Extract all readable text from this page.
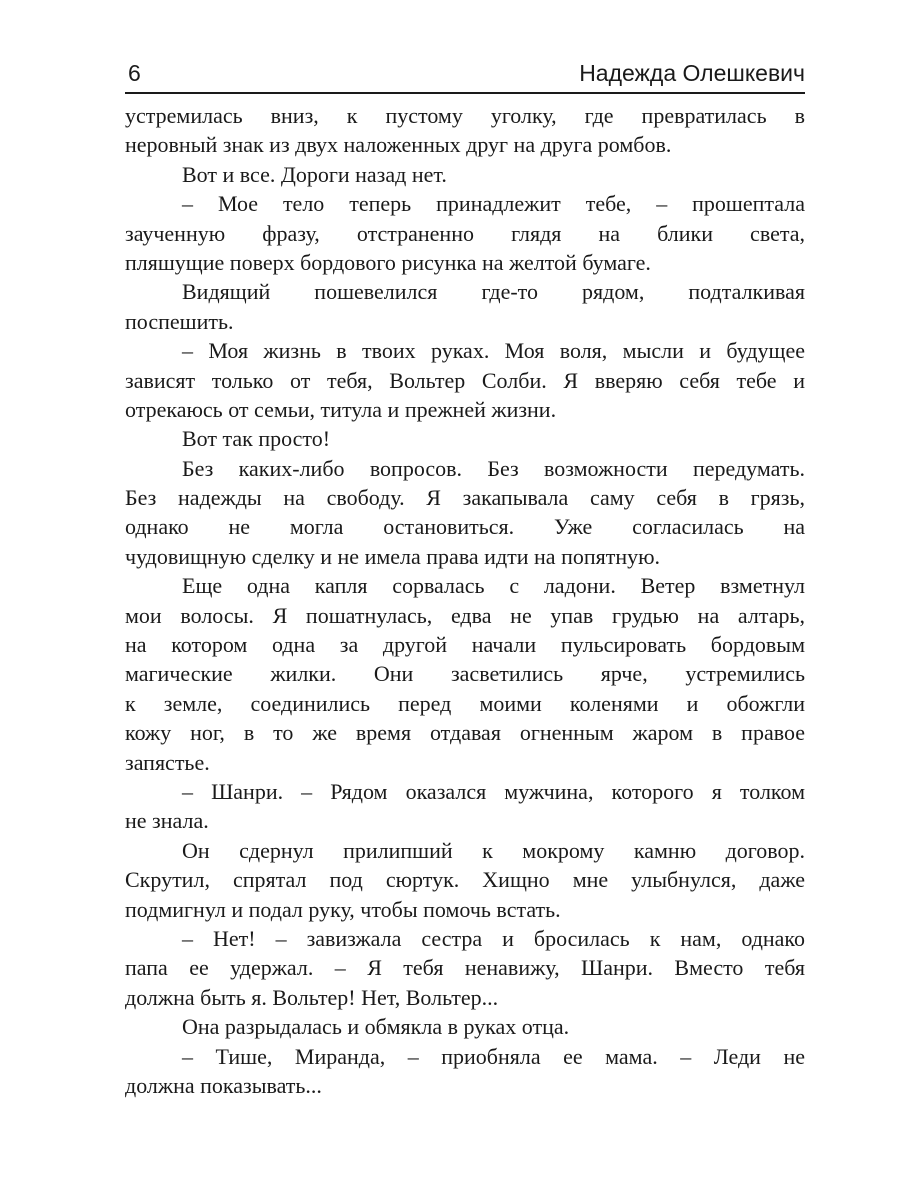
6	Надежда Олешкевич
устремилась вниз, к пустому уголку, где превратилась в
неровный знак из двух наложенных друг на друга ромбов.
Вот и все. Дороги назад нет.
– Мое тело теперь принадлежит тебе, – прошептала
заученную фразу, отстраненно глядя на блики света,
пляшущие поверх бордового рисунка на желтой бумаге.
Видящий пошевелился где-то рядом, подталкивая
поспешить.
– Моя жизнь в твоих руках. Моя воля, мысли и будущее
зависят только от тебя, Вольтер Солби. Я вверяю себя тебе и
отрекаюсь от семьи, титула и прежней жизни.
Вот так просто!
Без каких-либо вопросов. Без возможности передумать.
Без надежды на свободу. Я закапывала саму себя в грязь,
однако не могла остановиться. Уже согласилась на
чудовищную сделку и не имела права идти на попятную.
Еще одна капля сорвалась с ладони. Ветер взметнул
мои волосы. Я пошатнулась, едва не упав грудью на алтарь,
на котором одна за другой начали пульсировать бордовым
магические жилки. Они засветились ярче, устремились
к земле, соединились перед моими коленями и обожгли
кожу ног, в то же время отдавая огненным жаром в правое
запястье.
– Шанри. – Рядом оказался мужчина, которого я толком
не знала.
Он сдернул прилипший к мокрому камню договор.
Скрутил, спрятал под сюртук. Хищно мне улыбнулся, даже
подмигнул и подал руку, чтобы помочь встать.
– Нет! – завизжала сестра и бросилась к нам, однако
папа ее удержал. – Я тебя ненавижу, Шанри. Вместо тебя
должна быть я. Вольтер! Нет, Вольтер...
Она разрыдалась и обмякла в руках отца.
– Тише, Миранда, – приобняла ее мама. – Леди не
должна показывать...
